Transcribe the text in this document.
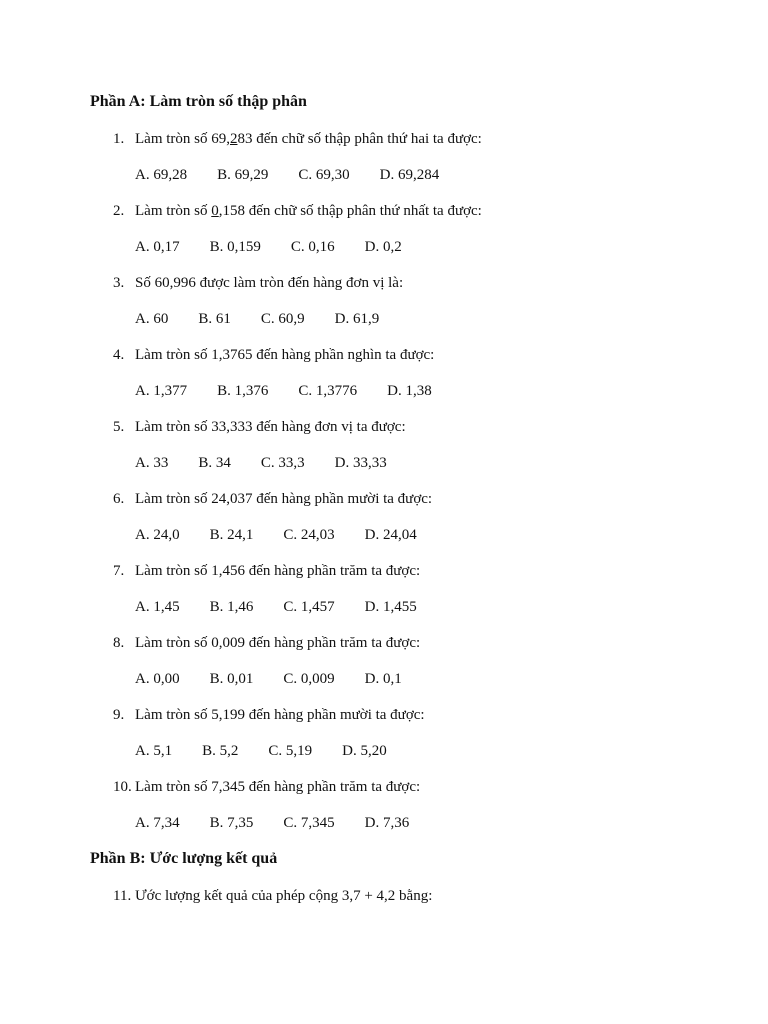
Phần A: Làm tròn số thập phân
1. Làm tròn số 69,283 đến chữ số thập phân thứ hai ta được:
A. 69,28 B. 69,29 C. 69,30 D. 69,284
2. Làm tròn số 0,158 đến chữ số thập phân thứ nhất ta được:
A. 0,17 B. 0,159 C. 0,16 D. 0,2
3. Số 60,996 được làm tròn đến hàng đơn vị là:
A. 60 B. 61 C. 60,9 D. 61,9
4. Làm tròn số 1,3765 đến hàng phần nghìn ta được:
A. 1,377 B. 1,376 C. 1,3776 D. 1,38
5. Làm tròn số 33,333 đến hàng đơn vị ta được:
A. 33 B. 34 C. 33,3 D. 33,33
6. Làm tròn số 24,037 đến hàng phần mười ta được:
A. 24,0 B. 24,1 C. 24,03 D. 24,04
7. Làm tròn số 1,456 đến hàng phần trăm ta được:
A. 1,45 B. 1,46 C. 1,457 D. 1,455
8. Làm tròn số 0,009 đến hàng phần trăm ta được:
A. 0,00 B. 0,01 C. 0,009 D. 0,1
9. Làm tròn số 5,199 đến hàng phần mười ta được:
A. 5,1 B. 5,2 C. 5,19 D. 5,20
10. Làm tròn số 7,345 đến hàng phần trăm ta được:
A. 7,34 B. 7,35 C. 7,345 D. 7,36
Phần B: Ước lượng kết quả
11. Ước lượng kết quả của phép cộng 3,7 + 4,2 bằng:
